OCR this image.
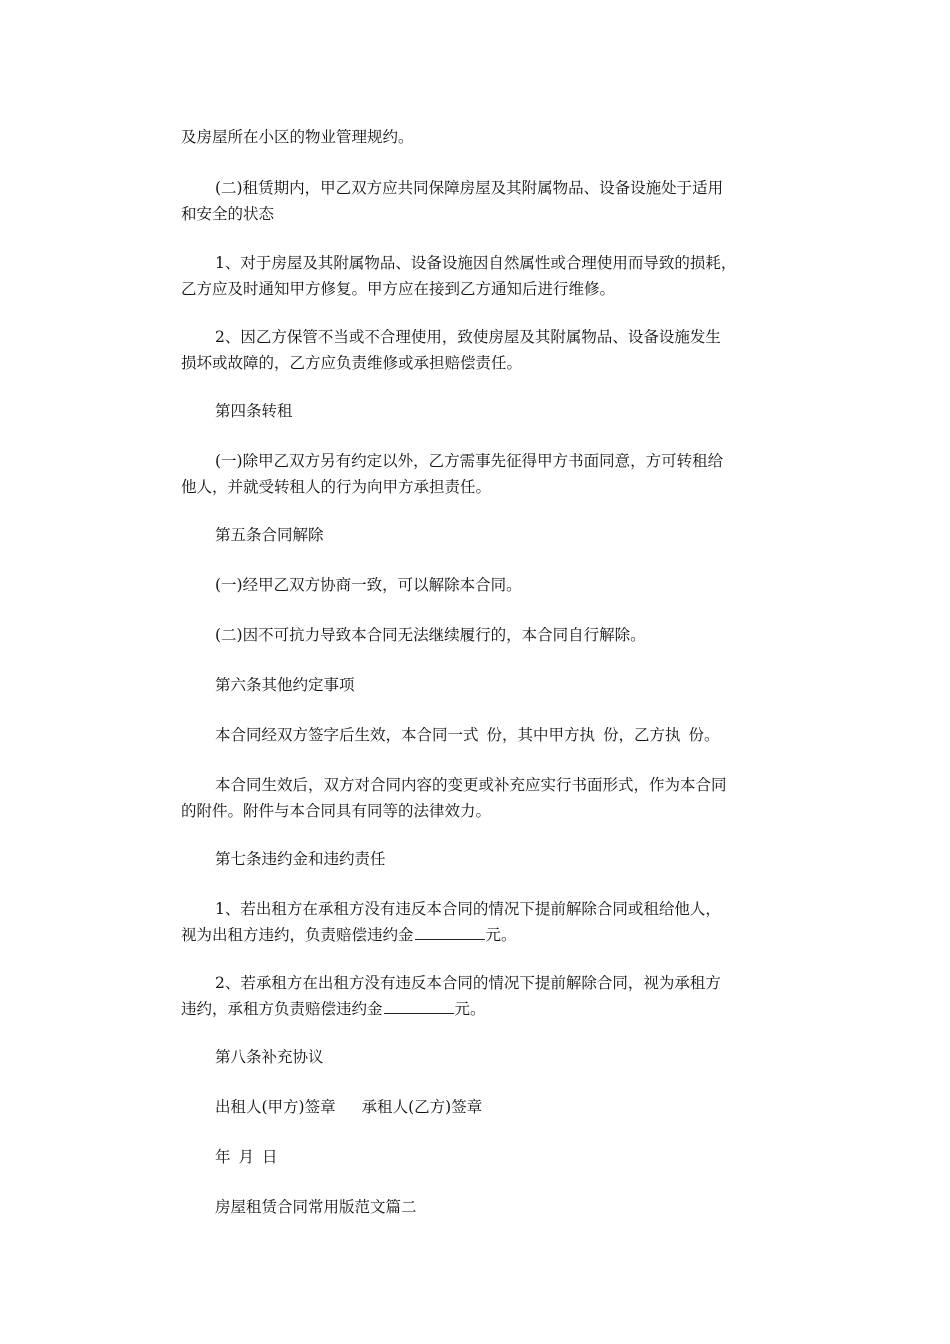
及房屋所在小区的物业管理规约。

(二)租赁期内，甲乙双方应共同保障房屋及其附属物品、设备设施处于适用
和安全的状态

1、对于房屋及其附属物品、设备设施因自然属性或合理使用而导致的损耗，
乙方应及时通知甲方修复。甲方应在接到乙方通知后进行维修。

2、因乙方保管不当或不合理使用，致使房屋及其附属物品、设备设施发生
损坏或故障的，乙方应负责维修或承担赔偿责任。

第四条转租

(一)除甲乙双方另有约定以外，乙方需事先征得甲方书面同意，方可转租给
他人，并就受转租人的行为向甲方承担责任。

第五条合同解除

(一)经甲乙双方协商一致，可以解除本合同。

(二)因不可抗力导致本合同无法继续履行的，本合同自行解除。

第六条其他约定事项

本合同经双方签字后生效，本合同一式 份，其中甲方执 份，乙方执 份。

本合同生效后，双方对合同内容的变更或补充应实行书面形式，作为本合同
的附件。附件与本合同具有同等的法律效力。

第七条违约金和违约责任

1、若出租方在承租方没有违反本合同的情况下提前解除合同或租给他人，
视为出租方违约，负责赔偿违约金	元。

2、若承租方在出租方没有违反本合同的情况下提前解除合同，视为承租方
违约，承租方负责赔偿违约金	元。

第八条补充协议

出租人(甲方)签章 承租人(乙方)签章

年 月 日

房屋租赁合同常用版范文篇二
